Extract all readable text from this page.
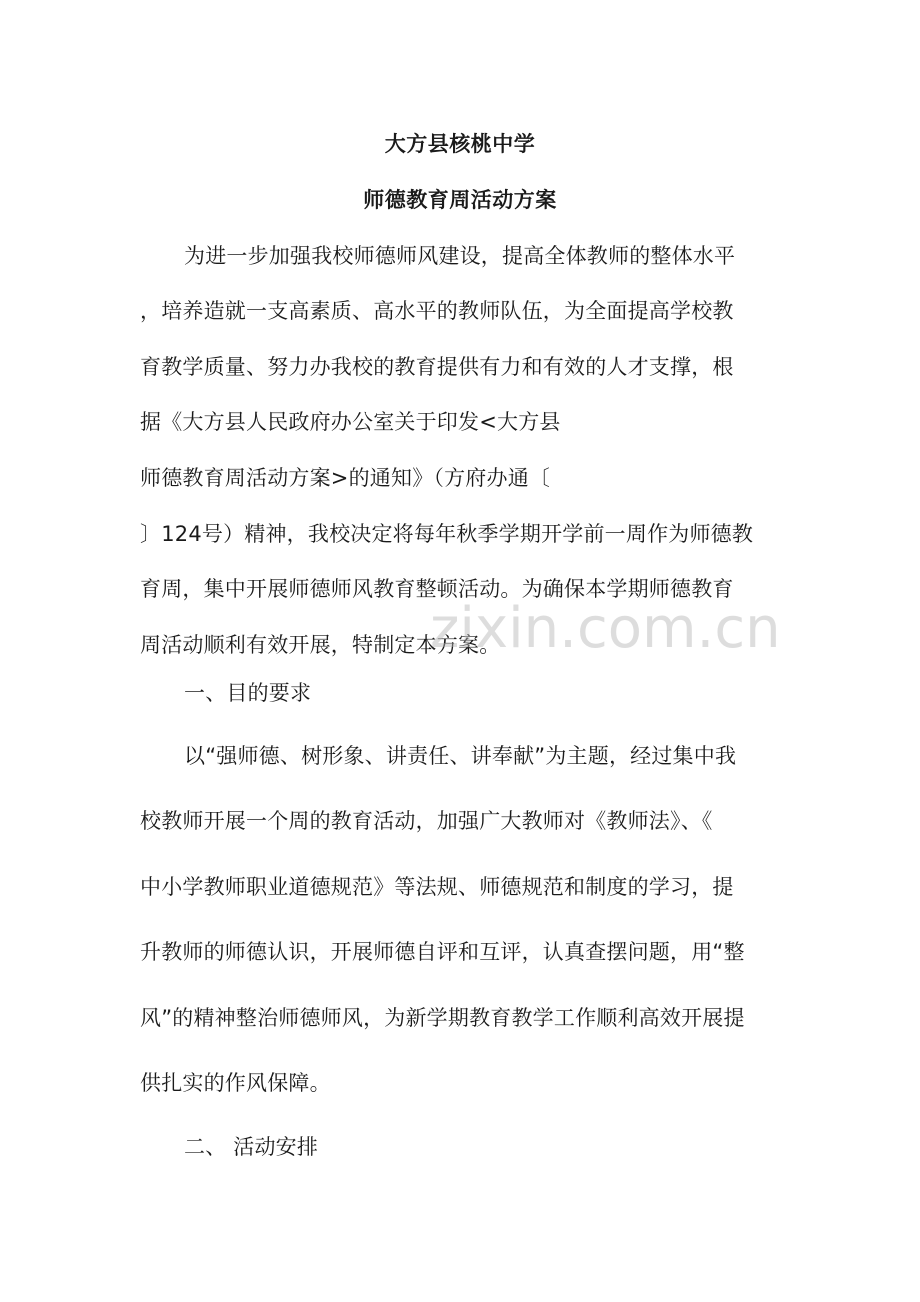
大方县核桃中学
师德教育周活动方案
为进一步加强我校师德师风建设，提高全体教师的整体水平
，培养造就一支高素质、高水平的教师队伍，为全面提高学校教
育教学质量、努力办我校的教育提供有力和有效的人才支撑，根
据《大方县人民政府办公室关于印发<大方县
师德教育周活动方案>的通知》（方府办通〔
〕124号）精神，我校决定将每年秋季学期开学前一周作为师德教
育周，集中开展师德师风教育整顿活动。为确保本学期师德教育
周活动顺利有效开展，特制定本方案。
一、目的要求
以“强师德、树形象、讲责任、讲奉献”为主题，经过集中我
校教师开展一个周的教育活动，加强广大教师对《教师法》、《
中小学教师职业道德规范》等法规、师德规范和制度的学习，提
升教师的师德认识，开展师德自评和互评，认真查摆问题，用“整
风”的精神整治师德师风，为新学期教育教学工作顺利高效开展提
供扎实的作风保障。
二、 活动安排
zixin.com.cn
